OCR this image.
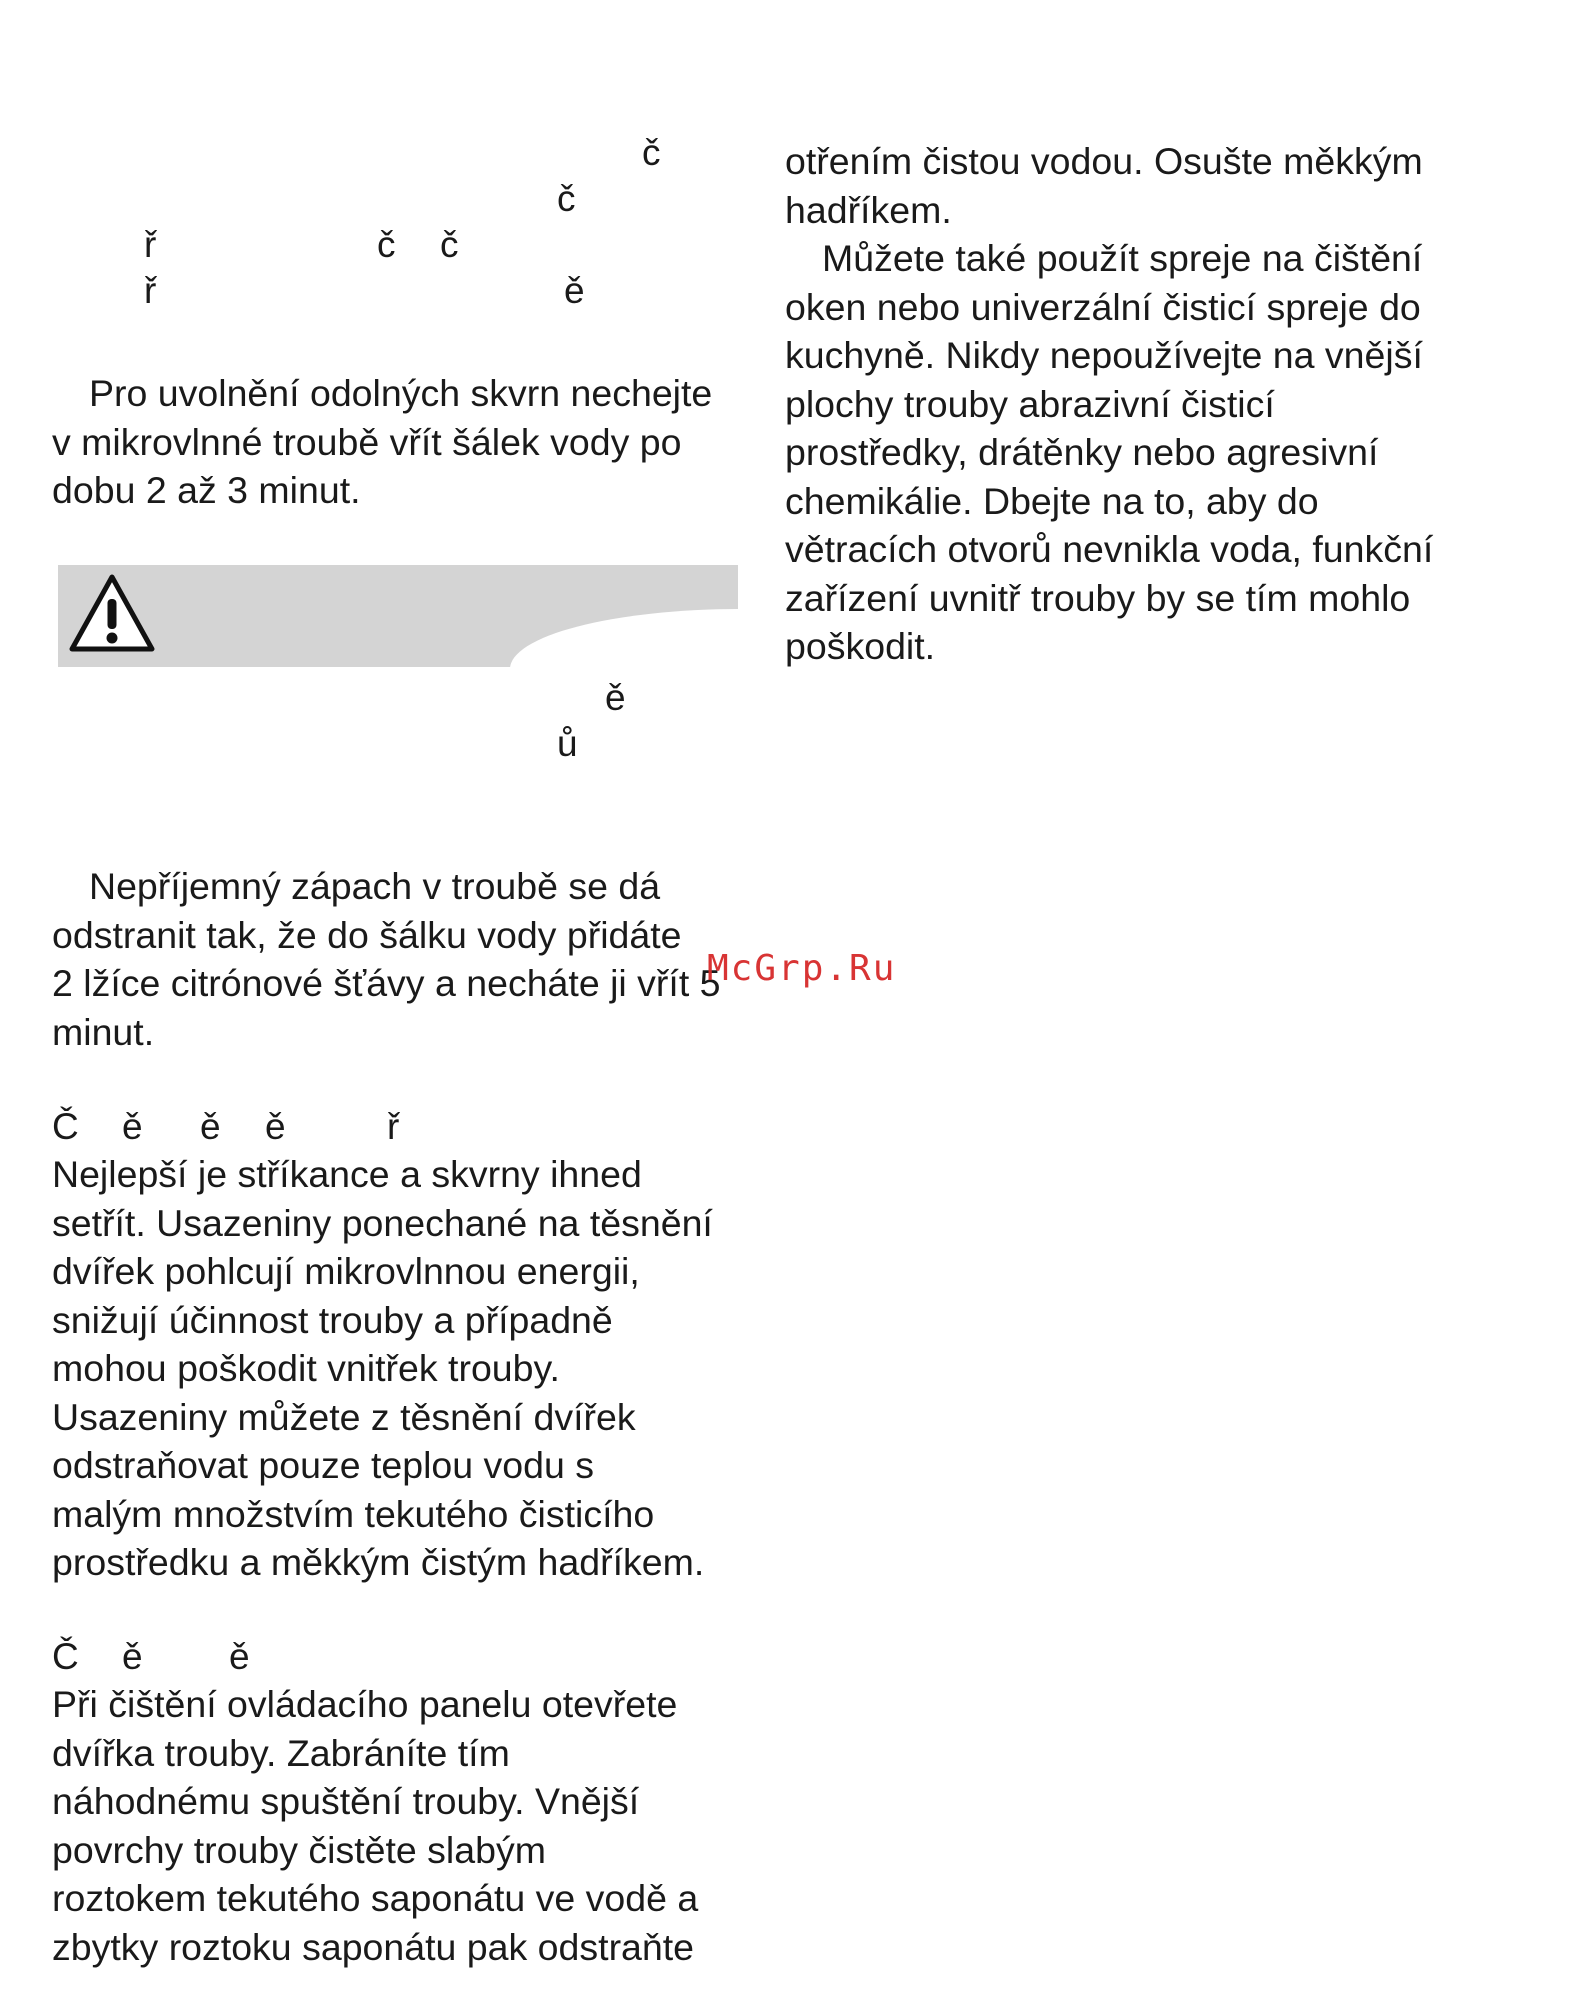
č
č
ř	č č
ř	ě

Pro uvolnění odolných skvrn nechejte
v mikrovlnné troubě vřít šálek vody po
dobu 2 až 3 minut.

ě
ů

Nepříjemný zápach v troubě se dá
odstranit tak, že do šálku vody přidáte
2 lžíce citrónové šťávy a necháte ji vřít 5
minut.

Č ě ě ě	ř

Nejlepší je stříkance a skvrny ihned
setřít. Usazeniny ponechané na těsnění
dvířek pohlcují mikrovlnnou energii,
snižují účinnost trouby a případně
mohou poškodit vnitřek trouby.
Usazeniny můžete z těsnění dvířek
odstraňovat pouze teplou vodu s
malým množstvím tekutého čisticího
prostředku a měkkým čistým hadříkem.

Č ě ě

Při čištění ovládacího panelu otevřete
dvířka trouby. Zabráníte tím
náhodnému spuštění trouby. Vnější
povrchy trouby čistěte slabým
roztokem tekutého saponátu ve vodě a
zbytky roztoku saponátu pak odstraňte

otřením čistou vodou. Osušte měkkým
hadříkem.

Můžete také použít spreje na čištění
oken nebo univerzální čisticí spreje do
kuchyně. Nikdy nepoužívejte na vnější
plochy trouby abrazivní čisticí
prostředky, drátěnky nebo agresivní
chemikálie. Dbejte na to, aby do
větracích otvorů nevnikla voda, funkční
zařízení uvnitř trouby by se tím mohlo
poškodit.

McGrp.Ru
